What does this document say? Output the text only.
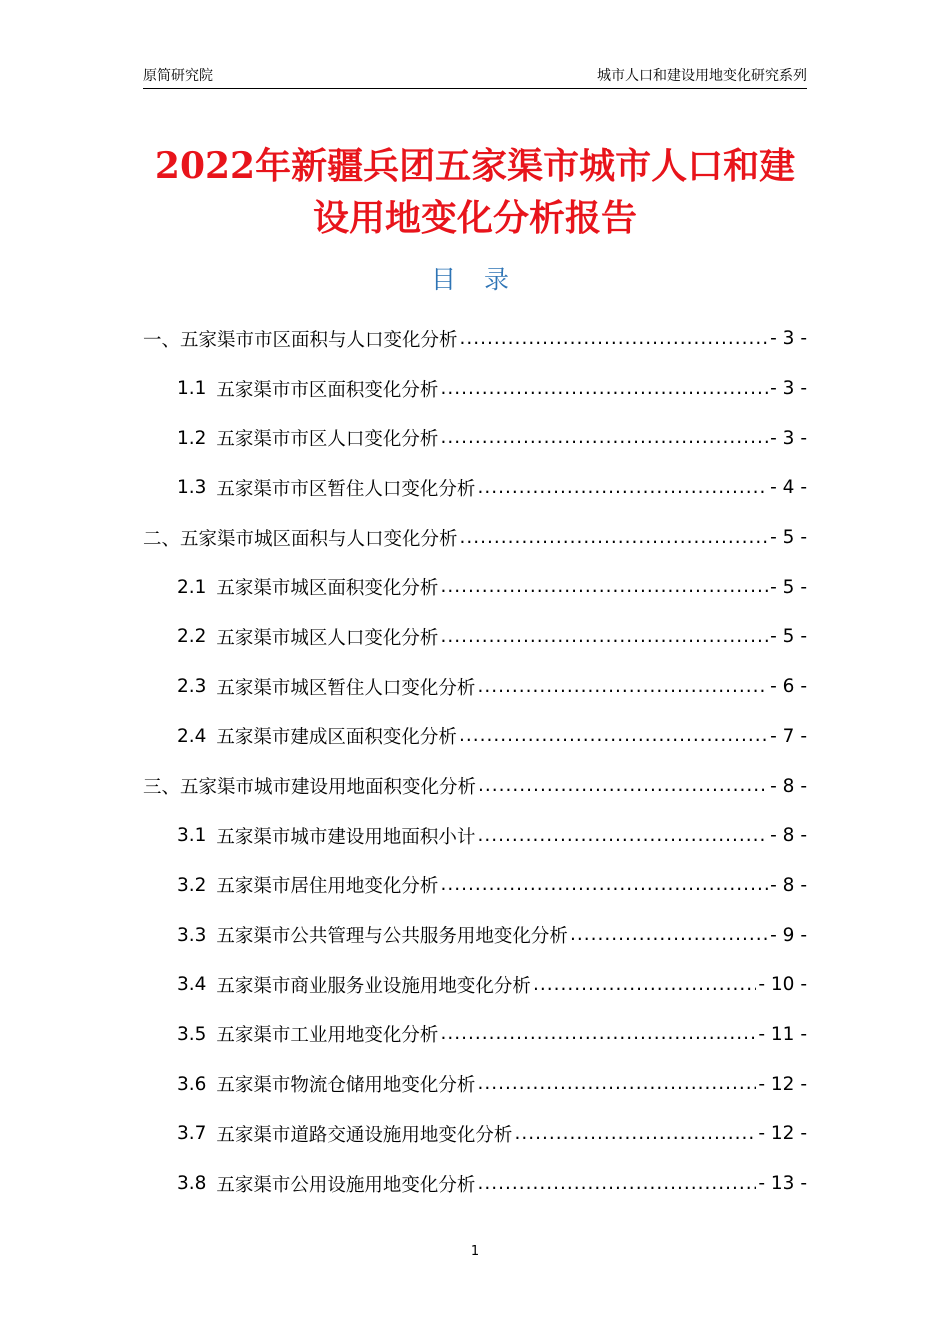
原简研究院	城市人口和建设用地变化研究系列
2022年新疆兵团五家渠市城市人口和建
设用地变化分析报告
目 录
一、五家渠市市区面积与人口变化分析 .....	- 3 -
1.1 五家渠市市区面积变化分析 .....	- 3 -
1.2 五家渠市市区人口变化分析 .....	- 3 -
1.3 五家渠市市区暂住人口变化分析 .....	- 4 -
二、五家渠市城区面积与人口变化分析 .....	- 5 -
2.1 五家渠市城区面积变化分析 .....	- 5 -
2.2 五家渠市城区人口变化分析 .....	- 5 -
2.3 五家渠市城区暂住人口变化分析 .....	- 6 -
2.4 五家渠市建成区面积变化分析 .....	- 7 -
三、五家渠市城市建设用地面积变化分析 .....	- 8 -
3.1 五家渠市城市建设用地面积小计 .....	- 8 -
3.2 五家渠市居住用地变化分析 .....	- 8 -
3.3 五家渠市公共管理与公共服务用地变化分析 .....	- 9 -
3.4 五家渠市商业服务业设施用地变化分析 .....	- 10 -
3.5 五家渠市工业用地变化分析 .....	- 11 -
3.6 五家渠市物流仓储用地变化分析 .....	- 12 -
3.7 五家渠市道路交通设施用地变化分析 .....	- 12 -
3.8 五家渠市公用设施用地变化分析 .....	- 13 -
1
